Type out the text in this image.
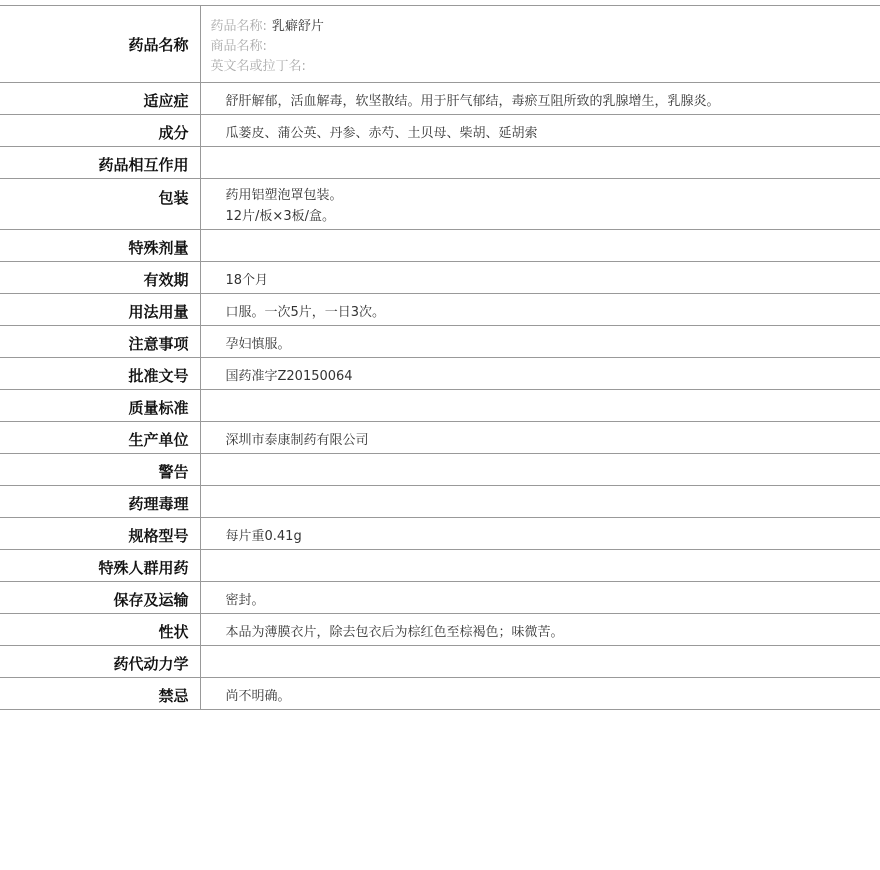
药品名称	药品名称: 乳癖舒片
商品名称:
英文名或拉丁名:

适应症	舒肝解郁，活血解毒，软坚散结。用于肝气郁结，毒瘀互阻所致的乳腺增生，乳腺炎。
成分	瓜蒌皮、蒲公英、丹参、赤芍、土贝母、柴胡、延胡索
药品相互作用	
包装	药用铝塑泡罩包装。
12片/板×3板/盒。

特殊剂量	
有效期	18个月
用法用量	口服。一次5片，一日3次。
注意事项	孕妇慎服。
批准文号	国药准字Z20150064
质量标准	
生产单位	深圳市泰康制药有限公司
警告	
药理毒理	
规格型号	每片重0.41g
特殊人群用药	
保存及运输	密封。
性状	本品为薄膜衣片，除去包衣后为棕红色至棕褐色；味微苦。
药代动力学	
禁忌	尚不明确。
